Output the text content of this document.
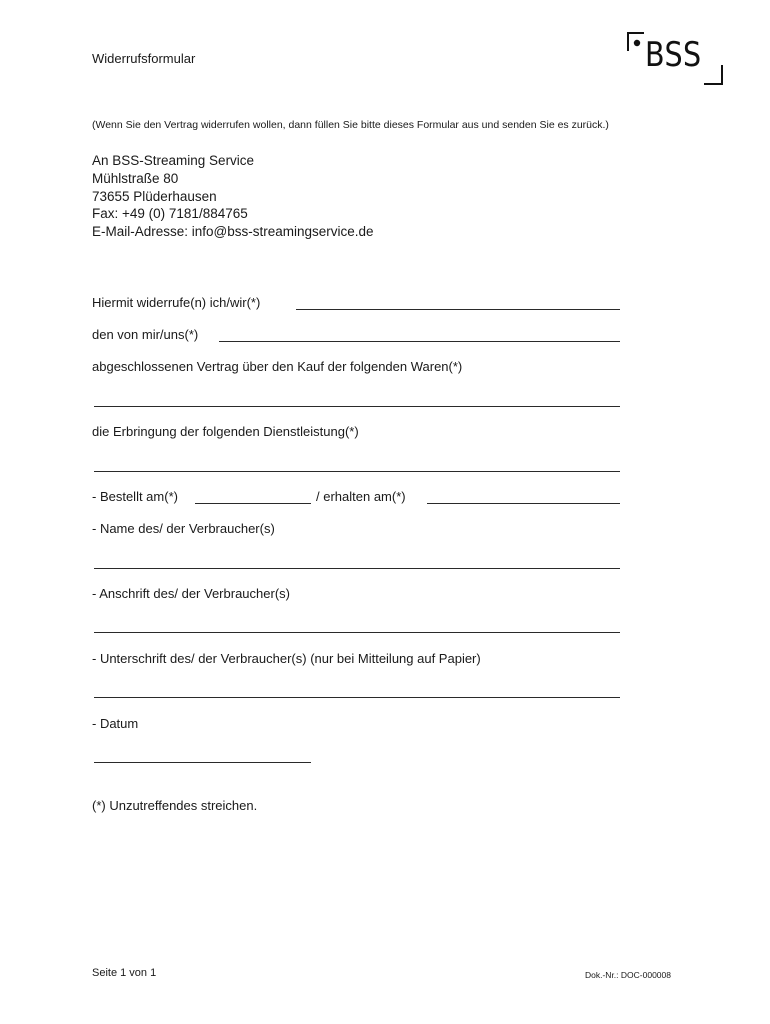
Widerrufsformular	BSS
(Wenn Sie den Vertrag widerrufen wollen, dann füllen Sie bitte dieses Formular aus und senden Sie es zurück.)
An BSS-Streaming Service
Mühlstraße 80
73655 Plüderhausen
Fax: +49 (0) 7181/884765
E-Mail-Adresse: info@bss-streamingservice.de
Hiermit widerrufe(n) ich/wir(*)
den von mir/uns(*)
abgeschlossenen Vertrag über den Kauf der folgenden Waren(*)
die Erbringung der folgenden Dienstleistung(*)
- Bestellt am(*)	/ erhalten am(*)
- Name des/ der Verbraucher(s)
- Anschrift des/ der Verbraucher(s)
- Unterschrift des/ der Verbraucher(s) (nur bei Mitteilung auf Papier)
- Datum
(*) Unzutreffendes streichen.
Seite 1 von 1	Dok.-Nr.: DOC-000008
